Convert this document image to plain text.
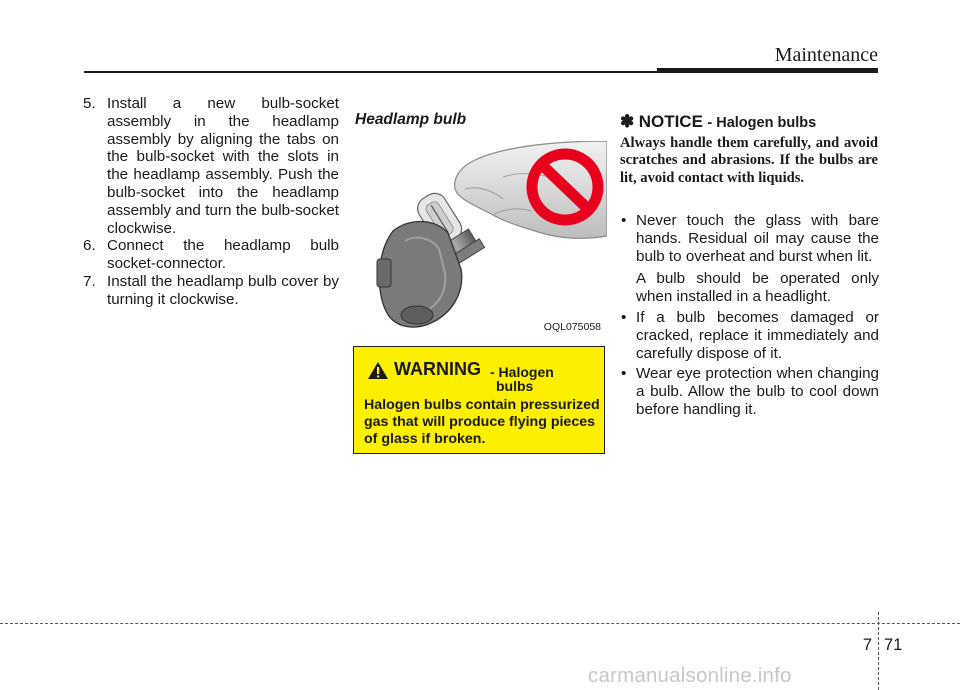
Maintenance
5. Install a new bulb-socket assembly in the headlamp assembly by aligning the tabs on the bulb-socket with the slots in the headlamp assembly. Push the bulb-socket into the headlamp assembly and turn the bulb-socket clockwise.
6. Connect the headlamp bulb socket-connector.
7. Install the headlamp bulb cover by turning it clockwise.
Headlamp bulb
OQL075058
WARNING - Halogen
bulbs
Halogen bulbs contain pressurized gas that will produce flying pieces of glass if broken.
✽ NOTICE - Halogen bulbs
Always handle them carefully, and avoid scratches and abrasions. If the bulbs are lit, avoid contact with liquids.
• Never touch the glass with bare hands. Residual oil may cause the bulb to overheat and burst when lit.
A bulb should be operated only when installed in a headlight.
• If a bulb becomes damaged or cracked, replace it immediately and carefully dispose of it.
• Wear eye protection when changing a bulb. Allow the bulb to cool down before handling it.
7 71
carmanualsonline.info
